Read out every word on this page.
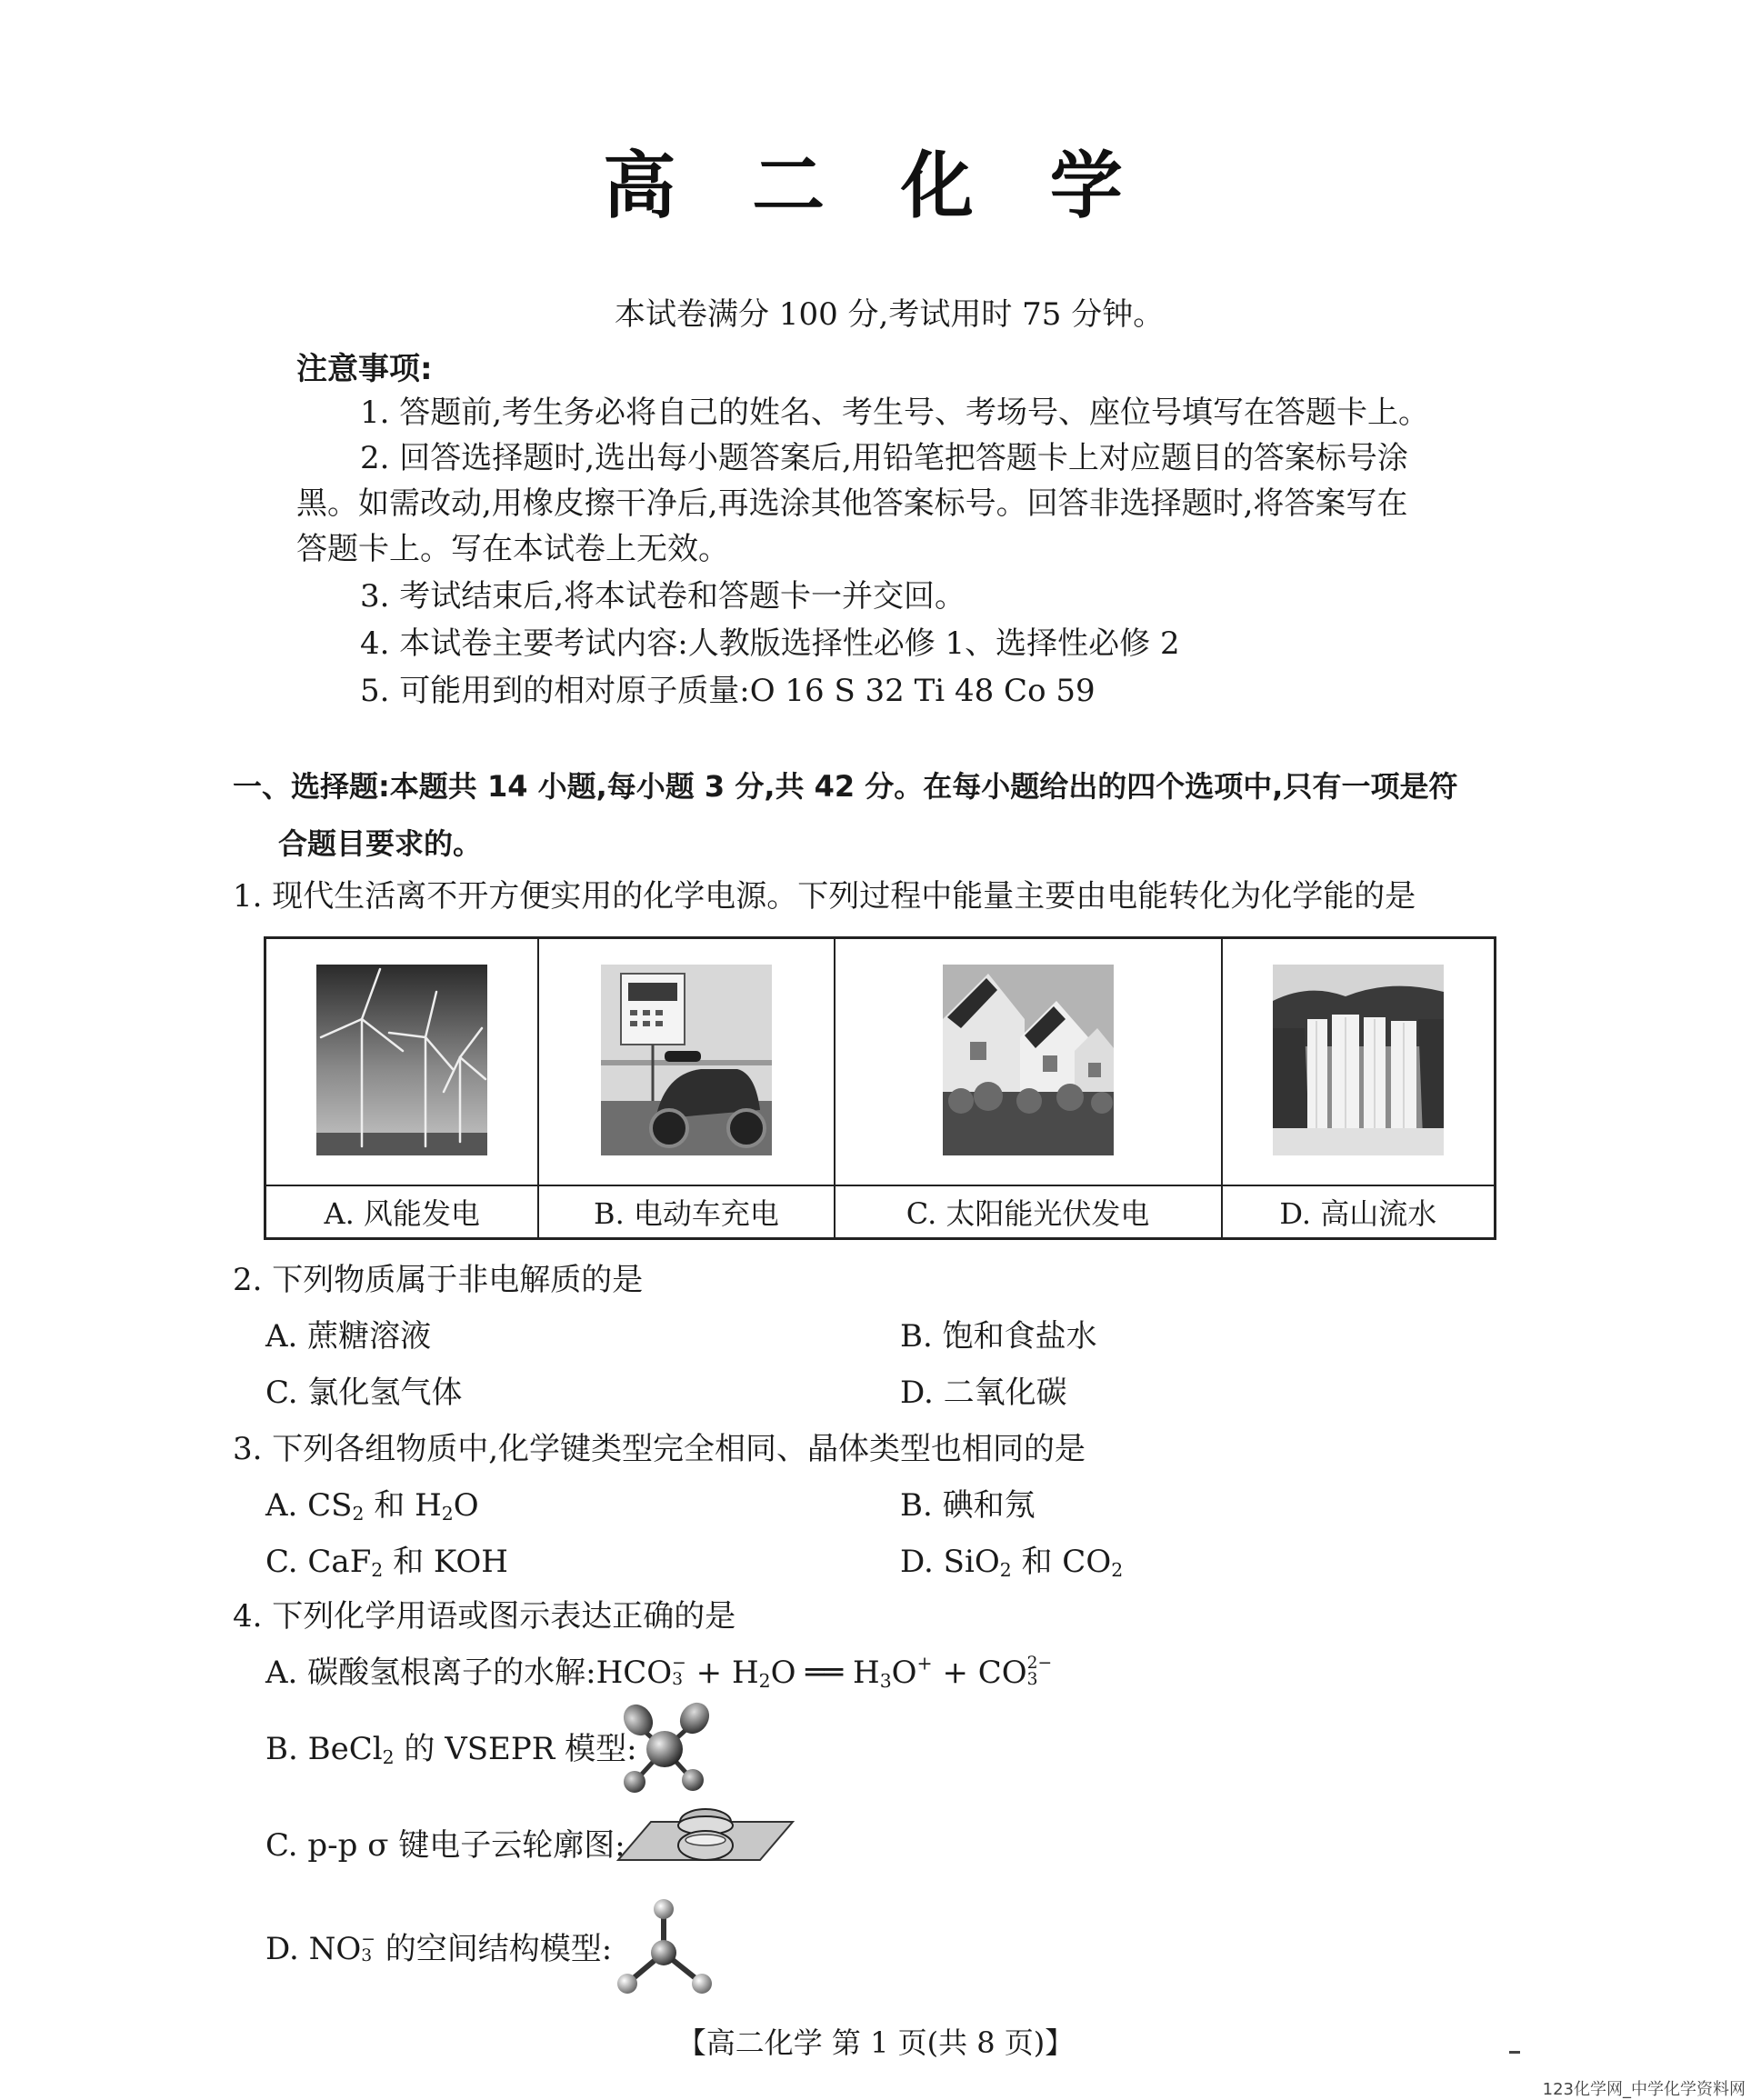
高 二 化 学
本试卷满分 100 分,考试用时 75 分钟。
注意事项:
1. 答题前,考生务必将自己的姓名、考生号、考场号、座位号填写在答题卡上。
2. 回答选择题时,选出每小题答案后,用铅笔把答题卡上对应题目的答案标号涂
黑。如需改动,用橡皮擦干净后,再选涂其他答案标号。回答非选择题时,将答案写在
答题卡上。写在本试卷上无效。
3. 考试结束后,将本试卷和答题卡一并交回。
4. 本试卷主要考试内容:人教版选择性必修 1、选择性必修 2
5. 可能用到的相对原子质量:O 16 S 32 Ti 48 Co 59
一、选择题:本题共 14 小题,每小题 3 分,共 42 分。在每小题给出的四个选项中,只有一项是符
合题目要求的。
1. 现代生活离不开方便实用的化学电源。下列过程中能量主要由电能转化为化学能的是

A. 风能发电	B. 电动车充电	C. 太阳能光伏发电	D. 高山流水
2. 下列物质属于非电解质的是
A. 蔗糖溶液	B. 饱和食盐水
C. 氯化氢气体	D. 二氧化碳
3. 下列各组物质中,化学键类型完全相同、晶体类型也相同的是
A. $CS_2$ 和 $H_2O$	B. 碘和氖
C. CaF$_2$ 和 KOH	D. SiO$_2$ 和 $CO_2$
4. 下列化学用语或图示表达正确的是
A. 碳酸氢根离子的水解:HCO −
$3 + H_2O$ ══ $H_3O^+$ + CO 2−
3
B. BeCl$_2$ 的 VSEPR 模型:
C. p-p σ 键电子云轮廓图:
D. NO −
3 的空间结构模型:
【高二化学 第 1 页(共 8 页)】
123化学网_中学化学资料网
